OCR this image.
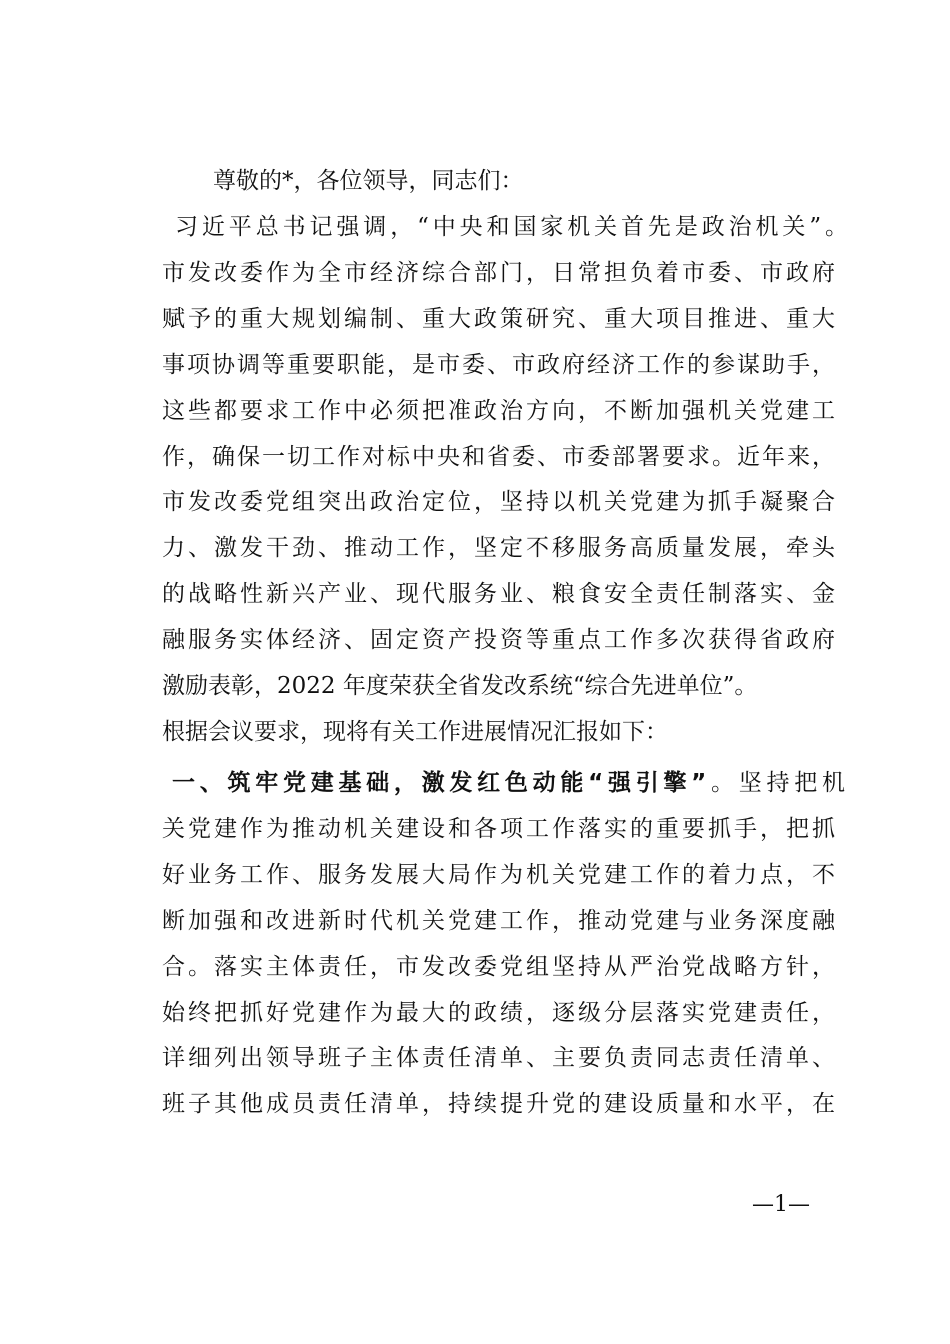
尊敬的*，各位领导，同志们：
习近平总书记强调，“中央和国家机关首先是政治机关”。
市发改委作为全市经济综合部门，日常担负着市委、市政府
赋予的重大规划编制、重大政策研究、重大项目推进、重大
事项协调等重要职能，是市委、市政府经济工作的参谋助手，
这些都要求工作中必须把准政治方向，不断加强机关党建工
作，确保一切工作对标中央和省委、市委部署要求。近年来，
市发改委党组突出政治定位，坚持以机关党建为抓手凝聚合
力、激发干劲、推动工作，坚定不移服务高质量发展，牵头
的战略性新兴产业、现代服务业、粮食安全责任制落实、金
融服务实体经济、固定资产投资等重点工作多次获得省政府
激励表彰，2022 年度荣获全省发改系统“综合先进单位”。
根据会议要求，现将有关工作进展情况汇报如下：
一、筑牢党建基础，激发红色动能“强引擎”。坚持把机
关党建作为推动机关建设和各项工作落实的重要抓手，把抓
好业务工作、服务发展大局作为机关党建工作的着力点，不
断加强和改进新时代机关党建工作，推动党建与业务深度融
合。落实主体责任，市发改委党组坚持从严治党战略方针，
始终把抓好党建作为最大的政绩，逐级分层落实党建责任，
详细列出领导班子主体责任清单、主要负责同志责任清单、
班子其他成员责任清单，持续提升党的建设质量和水平，在
—1—
